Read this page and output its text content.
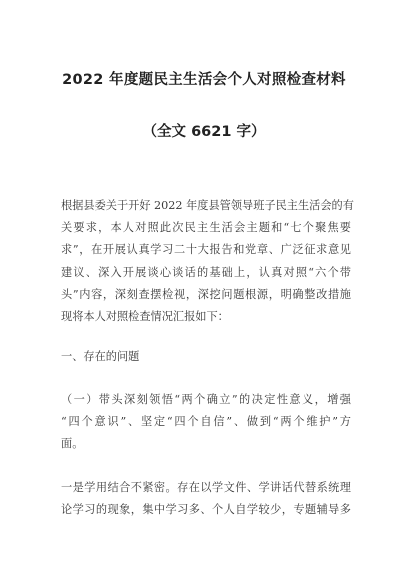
2022 年度题民主生活会个人对照检查材料
（全文 6621 字）
根据县委关于开好 2022 年度县管领导班子民主生活会的有
关要求，本人对照此次民主生活会主题和“七个聚焦要
求”，在开展认真学习二十大报告和党章、广泛征求意见
建议、深入开展谈心谈话的基础上，认真对照“六个带
头”内容，深刻查摆检视，深挖问题根源，明确整改措施
现将本人对照检查情况汇报如下：
一、存在的问题
（一）带头深刻领悟“两个确立”的决定性意义，增强
“四个意识”、坚定“四个自信”、做到“两个维护”方
面。
一是学用结合不紧密。存在以学文件、学讲话代替系统理
论学习的现象，集中学习多、个人自学较少，专题辅导多
